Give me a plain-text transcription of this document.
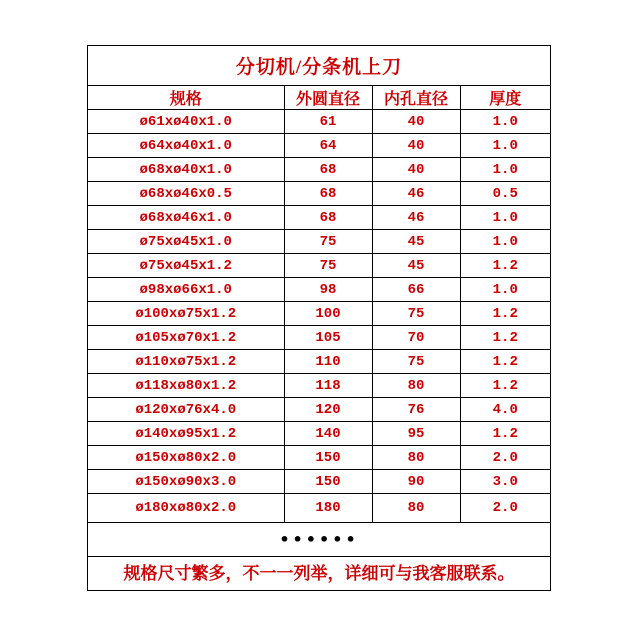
分切机/分条机上刀
规格	外圆直径	内孔直径	厚度
ø61xø40x1.0	61	40	1.0
ø64xø40x1.0	64	40	1.0
ø68xø40x1.0	68	40	1.0
ø68xø46x0.5	68	46	0.5
ø68xø46x1.0	68	46	1.0
ø75xø45x1.0	75	45	1.0
ø75xø45x1.2	75	45	1.2
ø98xø66x1.0	98	66	1.0
ø100xø75x1.2	100	75	1.2
ø105xø70x1.2	105	70	1.2
ø110xø75x1.2	110	75	1.2
ø118xø80x1.2	118	80	1.2
ø120xø76x4.0	120	76	4.0
ø140xø95x1.2	140	95	1.2
ø150xø80x2.0	150	80	2.0
ø150xø90x3.0	150	90	3.0
ø180xø80x2.0	180	80	2.0
••••••			
规格尺寸繁多，不一一列举，详细可与我客服联系。			
